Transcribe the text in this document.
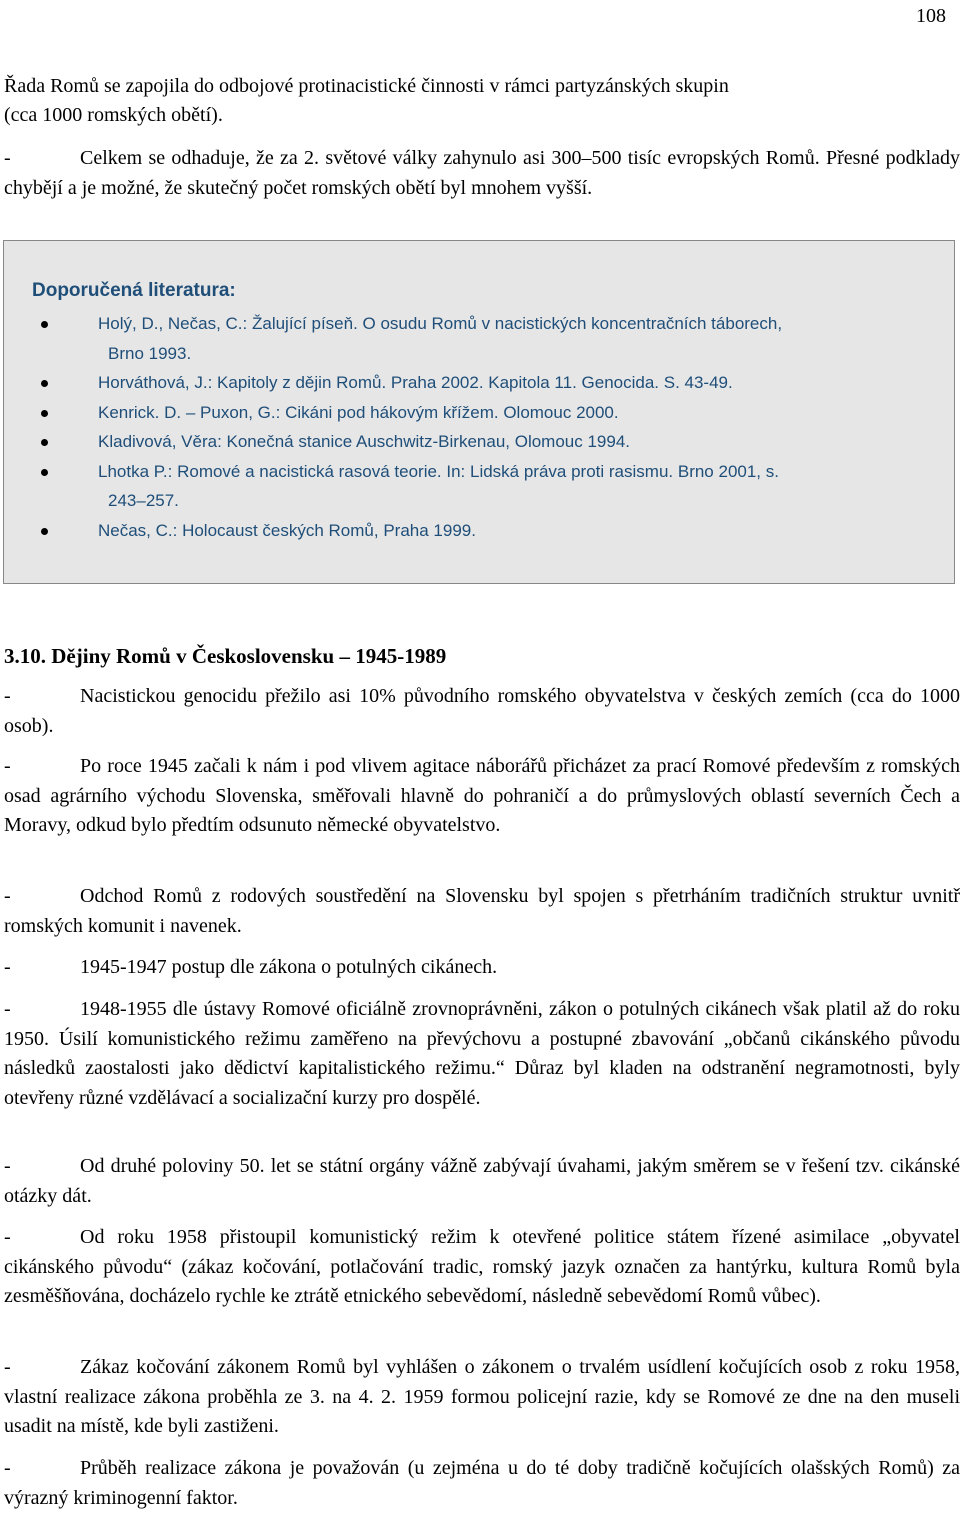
108

Řada Romů se zapojila do odbojové protinacistické činnosti v rámci partyzánských skupin

(cca 1000 romských obětí).

-	Celkem se odhaduje, že za 2. světové války zahynulo asi 300–500 tisíc evropských Romů. Přesné podklady chybějí a je možné, že skutečný počet romských obětí byl mnohem vyšší.

Doporučená literatura:

Holý, D., Nečas, C.: Žalující píseň. O osudu Romů v nacistických koncentračních táborech,
Brno 1993.
Horváthová, J.: Kapitoly z dějin Romů. Praha 2002. Kapitola 11. Genocida. S. 43-49.
Kenrick. D. – Puxon, G.: Cikáni pod hákovým křížem. Olomouc 2000.
Kladivová, Věra: Konečná stanice Auschwitz-Birkenau, Olomouc 1994.
Lhotka P.: Romové a nacistická rasová teorie. In: Lidská práva proti rasismu. Brno 2001, s.
243–257.
Nečas, C.: Holocaust českých Romů, Praha 1999.
3.10. Dějiny Romů v Československu – 1945-1989

-	Nacistickou genocidu přežilo asi 10% původního romského obyvatelstva v českých zemích (cca do 1000 osob).

-	Po roce 1945 začali k nám i pod vlivem agitace náborářů přicházet za prací Romové především z romských osad agrárního východu Slovenska, směřovali hlavně do pohraničí a do průmyslových oblastí severních Čech a Moravy, odkud bylo předtím odsunuto německé obyvatelstvo.

-	Odchod Romů z rodových soustředění na Slovensku byl spojen s přetrháním tradičních struktur uvnitř romských komunit i navenek.

-	1945-1947 postup dle zákona o potulných cikánech.

-	1948-1955 dle ústavy Romové oficiálně zrovnoprávněni, zákon o potulných cikánech však platil až do roku 1950. Úsilí komunistického režimu zaměřeno na převýchovu a postupné zbavování „občanů cikánského původu následků zaostalosti jako dědictví kapitalistického režimu.“ Důraz byl kladen na odstranění negramotnosti, byly otevřeny různé vzdělávací a socializační kurzy pro dospělé.

-	Od druhé poloviny 50. let se státní orgány vážně zabývají úvahami, jakým směrem se v řešení tzv. cikánské otázky dát.

-	Od roku 1958 přistoupil komunistický režim k otevřené politice státem řízené asimilace „obyvatel cikánského původu“ (zákaz kočování, potlačování tradic, romský jazyk označen za hantýrku, kultura Romů byla zesměšňována, docházelo rychle ke ztrátě etnického sebevědomí, následně sebevědomí Romů vůbec).

-	Zákaz kočování zákonem Romů byl vyhlášen o zákonem o trvalém usídlení kočujících osob z roku 1958, vlastní realizace zákona proběhla ze 3. na 4. 2. 1959 formou policejní razie, kdy se Romové ze dne na den museli usadit na místě, kde byli zastiženi.

-	Průběh realizace zákona je považován (u zejména u do té doby tradičně kočujících olašských Romů) za výrazný kriminogenní faktor.
